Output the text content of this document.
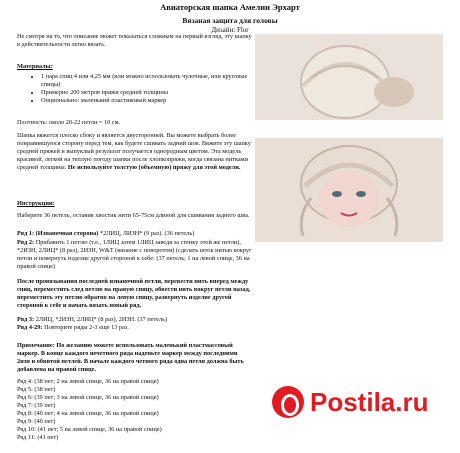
Авиаторская шапка Амелии Эрхарт
Вязаная защита для головы
Дизайн: Flor
Не смотря на то, что описание может показаться сложным на первый взгляд, эту шапку в действительности легко вязать.
Материалы:
• 1 пара спиц 4 или 4,25 мм (или можно использовать чулочные, или круговые спицы)
• Примерно 200 метров пряжи средней толщины
• Опционально: маленький пластиковый маркер
Плотность: около 20-22 петли = 10 см.
Шапка вяжется плоско сбоку и является двусторонней. Вы можете выбрать более понравившуюся сторону перед тем, как будете сшивать задний шов. Вяжите эту шапку средней пряжей и выпуклый результат получается однородным цветом. Эта модель красивой, легкой на теплую погоду шапки после хлопкопряжи, когда связана нитками средней толщины. Не используйте толстую (объемную) пряжу для этой модели.
Инструкции:
Наберите 36 петель, оставив хвостик нити 65-75см длиной для сшивания заднего шва.
Ряд 1: (Изнаночная сторона) *2ЛИЦ, ЛИЗН* (9 раз). (36 петель)
Ряд 2: Прибавить 1 петлю (т.е., 1ЛИЦ затем 1ЛИЦ заведя за стенку этой же петли), *2ИЗН, 2ЛИЦ* (8 раз), 2ИЗН, W&T (вязание с поворотом) (сделать шток нитью вокруг петли и повернуть изделие другой стороной к себе: (37 петель; 1 на левой спице, 36 на правой спице)
После провязывания последней изнаночной петли, перевести нить вперед между спиц, переместить след петлю на правую спицу, обвести нить вокруг петли назад, переместить эту петлю обратно на левую спицу, развернуть изделие другой стороной к себе и начать вязать новый ряд.
Ряд 3: 2ЛИЦ, *2ИЗН, 2ЛИЦ* (8 раз), 2ИЗН. (37 петель)
Ряд 4-29: Повторите ряды 2-3 еще 13 раз.
Примечание: По желанию можете использовать маленький пластмассовый маркер. В конце каждого нечетного ряда наденьте маркер между последними 2изн и обвитой петлей. В начале каждого четного ряда одна петля должна быть добавлена на правой спице.
Ряд 4: (38 пет; 2 на левой спице, 36 на правой спице)
Ряд 5: (38 пет)
Ряд 6: (39 пет; 3 на левой спице, 36 на правой спице)
Ряд 7: (39 пет)
Ряд 8: (40 пет; 4 на левой спице, 36 на правой спице)
Ряд 9: (40 пет)
Ряд 10: (41 пет; 5 на левой спице, 36 на правой спице)
Ряд 11: (41 пет)
Postila.ru
